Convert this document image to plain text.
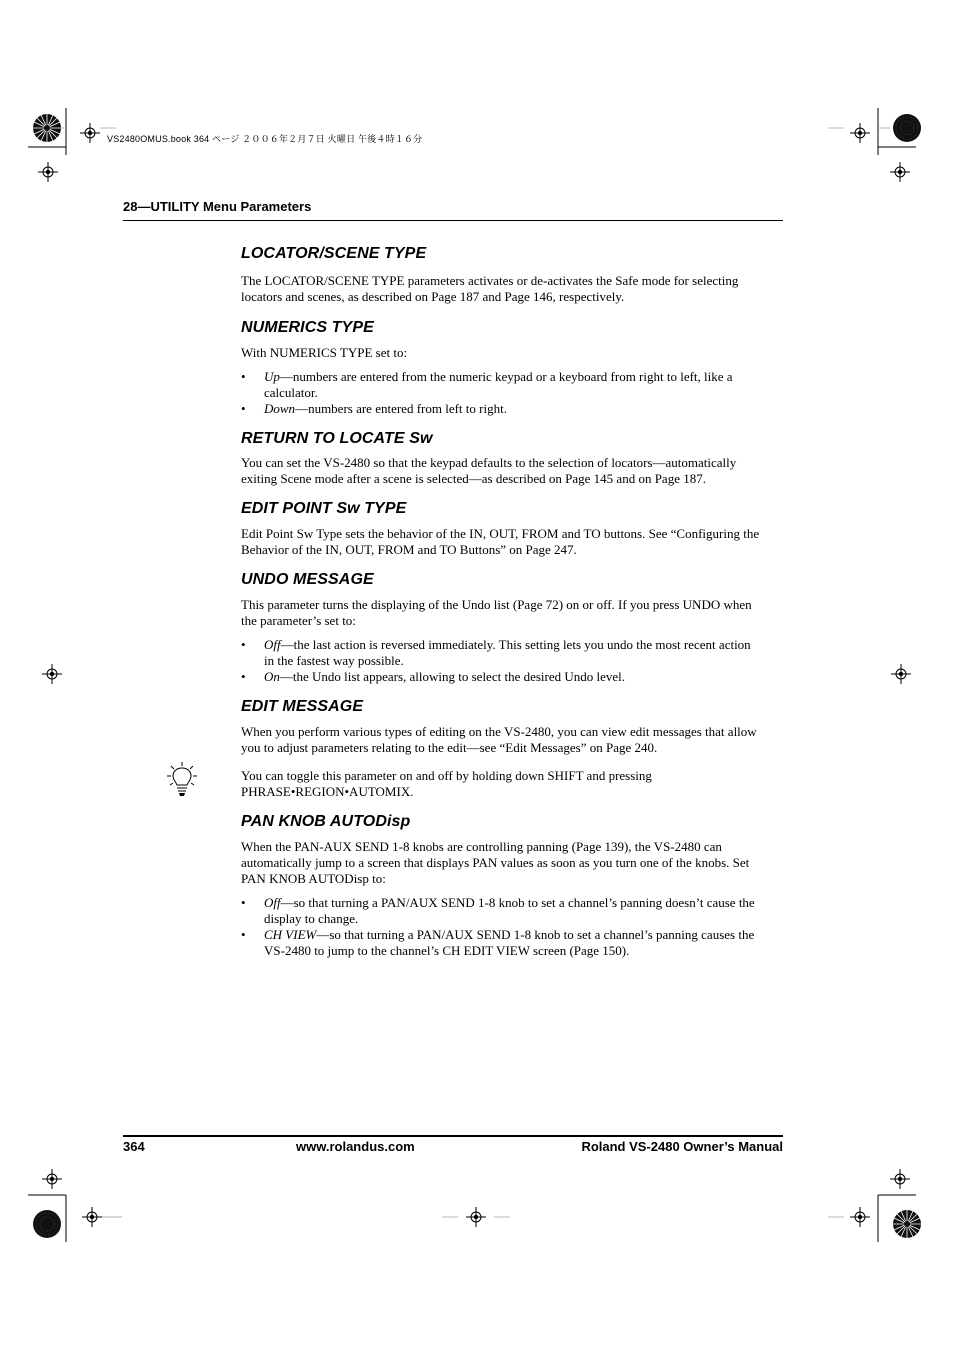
VS2480OMUS.book 364 ページ ２００６年２月７日 火曜日 午後４時１６分
28—UTILITY Menu Parameters
LOCATOR/SCENE TYPE

The LOCATOR/SCENE TYPE parameters activates or de-activates the Safe mode for selecting locators and scenes, as described on Page 187 and Page 146, respectively.

NUMERICS TYPE

With NUMERICS TYPE set to:

• Up—numbers are entered from the numeric keypad or a keyboard from right to left, like a calculator.
• Down—numbers are entered from left to right.
RETURN TO LOCATE Sw

You can set the VS-2480 so that the keypad defaults to the selection of locators—automatically exiting Scene mode after a scene is selected—as described on Page 145 and on Page 187.

EDIT POINT Sw TYPE

Edit Point Sw Type sets the behavior of the IN, OUT, FROM and TO buttons. See “Configuring the Behavior of the IN, OUT, FROM and TO Buttons” on Page 247.

UNDO MESSAGE

This parameter turns the displaying of the Undo list (Page 72) on or off. If you press UNDO when the parameter’s set to:

• Off—the last action is reversed immediately. This setting lets you undo the most recent action in the fastest way possible.
• On—the Undo list appears, allowing to select the desired Undo level.
EDIT MESSAGE

When you perform various types of editing on the VS-2480, you can view edit messages that allow you to adjust parameters relating to the edit—see “Edit Messages” on Page 240.

You can toggle this parameter on and off by holding down SHIFT and pressing PHRASE•REGION•AUTOMIX.

PAN KNOB AUTODisp

When the PAN-AUX SEND 1-8 knobs are controlling panning (Page 139), the VS-2480 can automatically jump to a screen that displays PAN values as soon as you turn one of the knobs. Set PAN KNOB AUTODisp to:

• Off—so that turning a PAN/AUX SEND 1-8 knob to set a channel’s panning doesn’t cause the display to change.
• CH VIEW—so that turning a PAN/AUX SEND 1-8 knob to set a channel’s panning causes the VS-2480 to jump to the channel’s CH EDIT VIEW screen (Page 150).
364	www.rolandus.com	Roland VS-2480 Owner’s Manual
